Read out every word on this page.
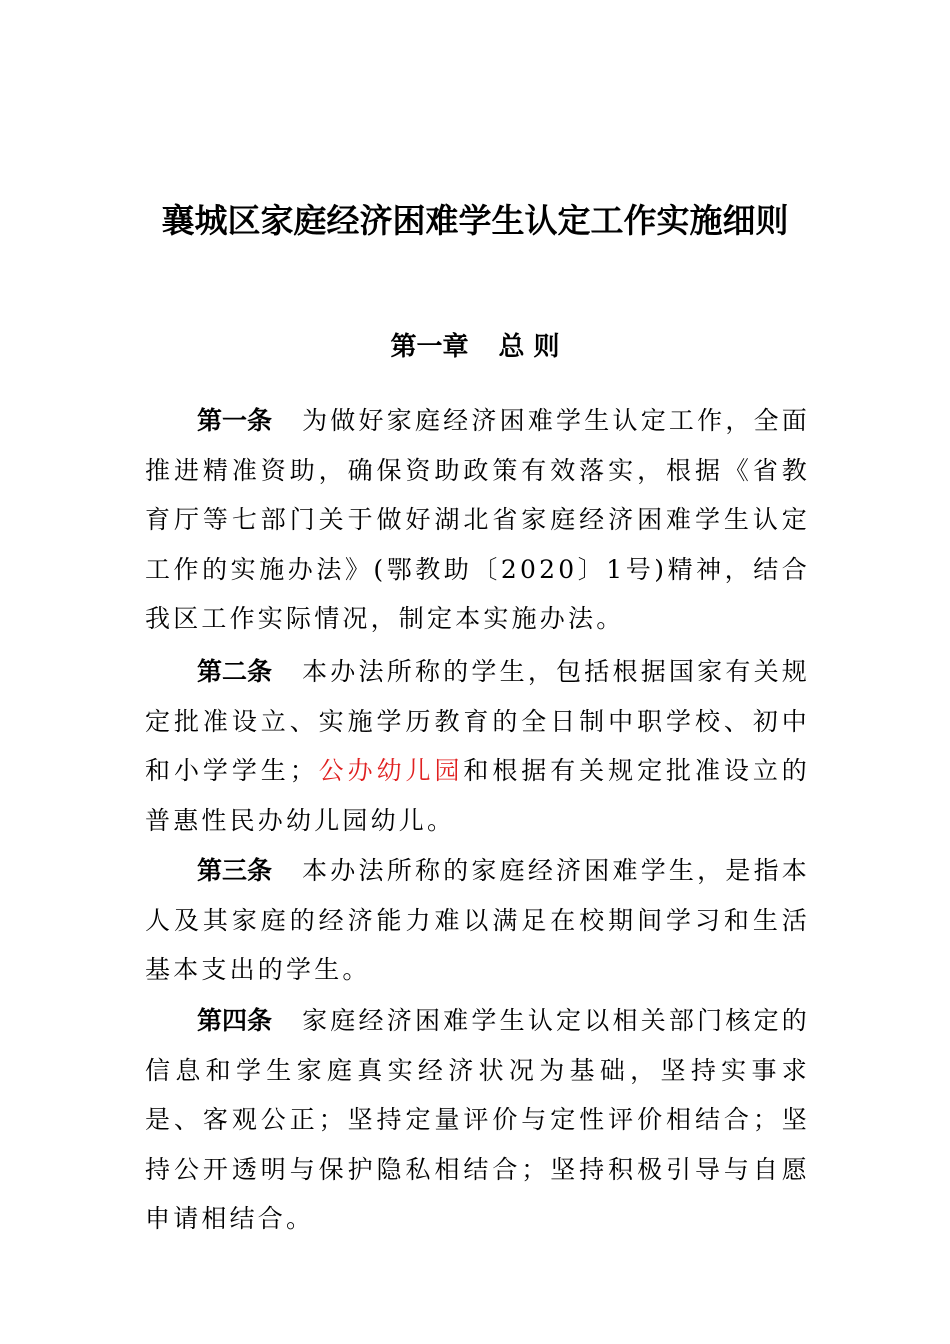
襄城区家庭经济困难学生认定工作实施细则
第一章 总 则

第一条 为做好家庭经济困难学生认定工作，全面推进精准资助，确保资助政策有效落实，根据《省教育厅等七部门关于做好湖北省家庭经济困难学生认定工作的实施办法》(鄂教助〔2020〕1号)精神，结合我区工作实际情况，制定本实施办法。

第二条 本办法所称的学生，包括根据国家有关规定批准设立、实施学历教育的全日制中职学校、初中和小学学生；公办幼儿园和根据有关规定批准设立的普惠性民办幼儿园幼儿。

第三条 本办法所称的家庭经济困难学生，是指本人及其家庭的经济能力难以满足在校期间学习和生活基本支出的学生。

第四条 家庭经济困难学生认定以相关部门核定的信息和学生家庭真实经济状况为基础，坚持实事求是、客观公正；坚持定量评价与定性评价相结合；坚持公开透明与保护隐私相结合；坚持积极引导与自愿申请相结合。
